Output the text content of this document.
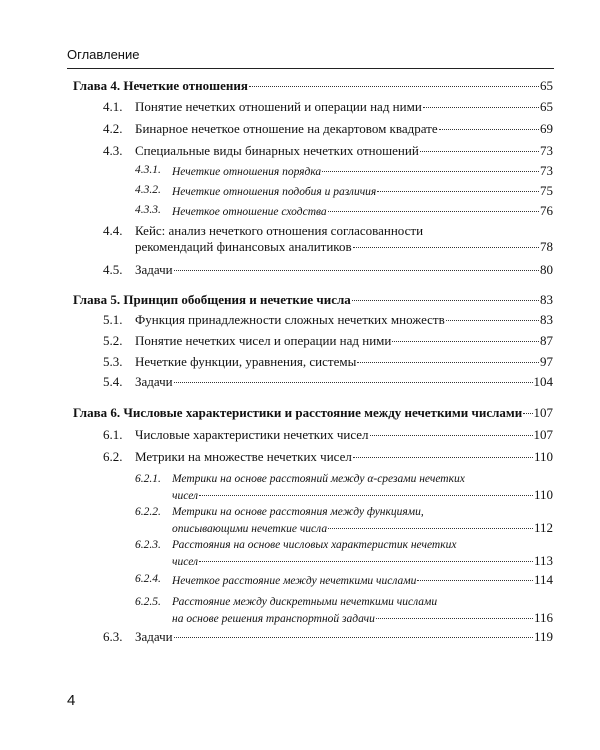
Оглавление
Глава 4. Нечеткие отношения	65
4.1. Понятие нечетких отношений и операции над ними	65
4.2. Бинарное нечеткое отношение на декартовом квадрате	69
4.3. Специальные виды бинарных нечетких отношений	73
4.3.1. Нечеткие отношения порядка	73
4.3.2. Нечеткие отношения подобия и различия	75
4.3.3. Нечеткое отношение сходства	76
4.4. Кейс: анализ нечеткого отношения согласованности
рекомендаций финансовых аналитиков	78
4.5. Задачи	80
Глава 5. Принцип обобщения и нечеткие числа	83
5.1. Функция принадлежности сложных нечетких множеств	83
5.2. Понятие нечетких чисел и операции над ними	87
5.3. Нечеткие функции, уравнения, системы	97
5.4. Задачи	104
Глава 6. Числовые характеристики и расстояние между нечеткими числами 107
6.1. Числовые характеристики нечетких чисел	107
6.2. Метрики на множестве нечетких чисел	110
6.2.1. Метрики на основе расстояний между α-срезами нечетких
чисел	110
6.2.2. Метрики на основе расстояния между функциями,
описывающими нечеткие числа	112
6.2.3. Расстояния на основе числовых характеристик нечетких
чисел	113
6.2.4. Нечеткое расстояние между нечеткими числами	114
6.2.5. Расстояние между дискретными нечеткими числами
на основе решения транспортной задачи	116
6.3. Задачи	119
4
